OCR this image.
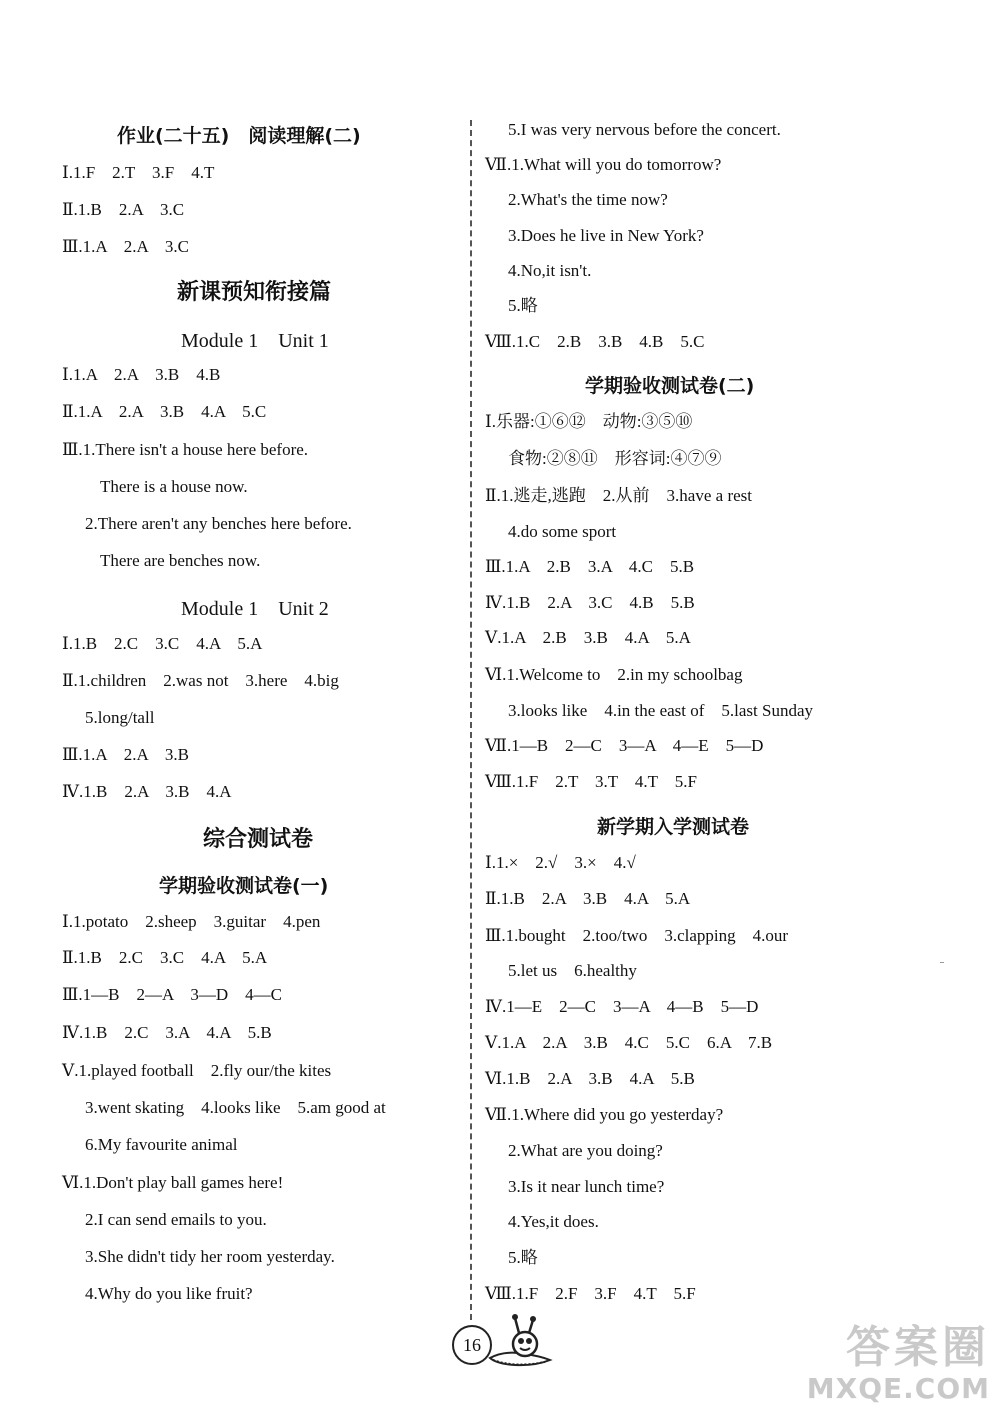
作业(二十五)　阅读理解(二)
Ⅰ.1.F　2.T　3.F　4.T
Ⅱ.1.B　2.A　3.C
Ⅲ.1.A　2.A　3.C
新课预知衔接篇
Module 1　Unit 1
Ⅰ.1.A　2.A　3.B　4.B
Ⅱ.1.A　2.A　3.B　4.A　5.C
Ⅲ.1.There isn't a house here before.
There is a house now.
2.There aren't any benches here before.
There are benches now.
Module 1　Unit 2
Ⅰ.1.B　2.C　3.C　4.A　5.A
Ⅱ.1.children　2.was not　3.here　4.big
5.long/tall
Ⅲ.1.A　2.A　3.B
Ⅳ.1.B　2.A　3.B　4.A
综合测试卷
学期验收测试卷(一)
Ⅰ.1.potato　2.sheep　3.guitar　4.pen
Ⅱ.1.B　2.C　3.C　4.A　5.A
Ⅲ.1—B　2—A　3—D　4—C
Ⅳ.1.B　2.C　3.A　4.A　5.B
Ⅴ.1.played football　2.fly our/the kites
3.went skating　4.looks like　5.am good at
6.My favourite animal
Ⅵ.1.Don't play ball games here!
2.I can send emails to you.
3.She didn't tidy her room yesterday.
4.Why do you like fruit?
5.I was very nervous before the concert.
Ⅶ.1.What will you do tomorrow?
2.What's the time now?
3.Does he live in New York?
4.No,it isn't.
5.略
Ⅷ.1.C　2.B　3.B　4.B　5.C
学期验收测试卷(二)
Ⅰ.乐器:①⑥⑫　动物:③⑤⑩
食物:②⑧⑪　形容词:④⑦⑨
Ⅱ.1.逃走,逃跑　2.从前　3.have a rest
4.do some sport
Ⅲ.1.A　2.B　3.A　4.C　5.B
Ⅳ.1.B　2.A　3.C　4.B　5.B
Ⅴ.1.A　2.B　3.B　4.A　5.A
Ⅵ.1.Welcome to　2.in my schoolbag
3.looks like　4.in the east of　5.last Sunday
Ⅶ.1—B　2—C　3—A　4—E　5—D
Ⅷ.1.F　2.T　3.T　4.T　5.F
新学期入学测试卷
Ⅰ.1.×　2.√　3.×　4.√
Ⅱ.1.B　2.A　3.B　4.A　5.A
Ⅲ.1.bought　2.too/two　3.clapping　4.our
5.let us　6.healthy
Ⅳ.1—E　2—C　3—A　4—B　5—D
Ⅴ.1.A　2.A　3.B　4.C　5.C　6.A　7.B
Ⅵ.1.B　2.A　3.B　4.A　5.B
Ⅶ.1.Where did you go yesterday?
2.What are you doing?
3.Is it near lunch time?
4.Yes,it does.
5.略
Ⅷ.1.F　2.F　3.F　4.T　5.F
16	答案圈
MXQE.COM
